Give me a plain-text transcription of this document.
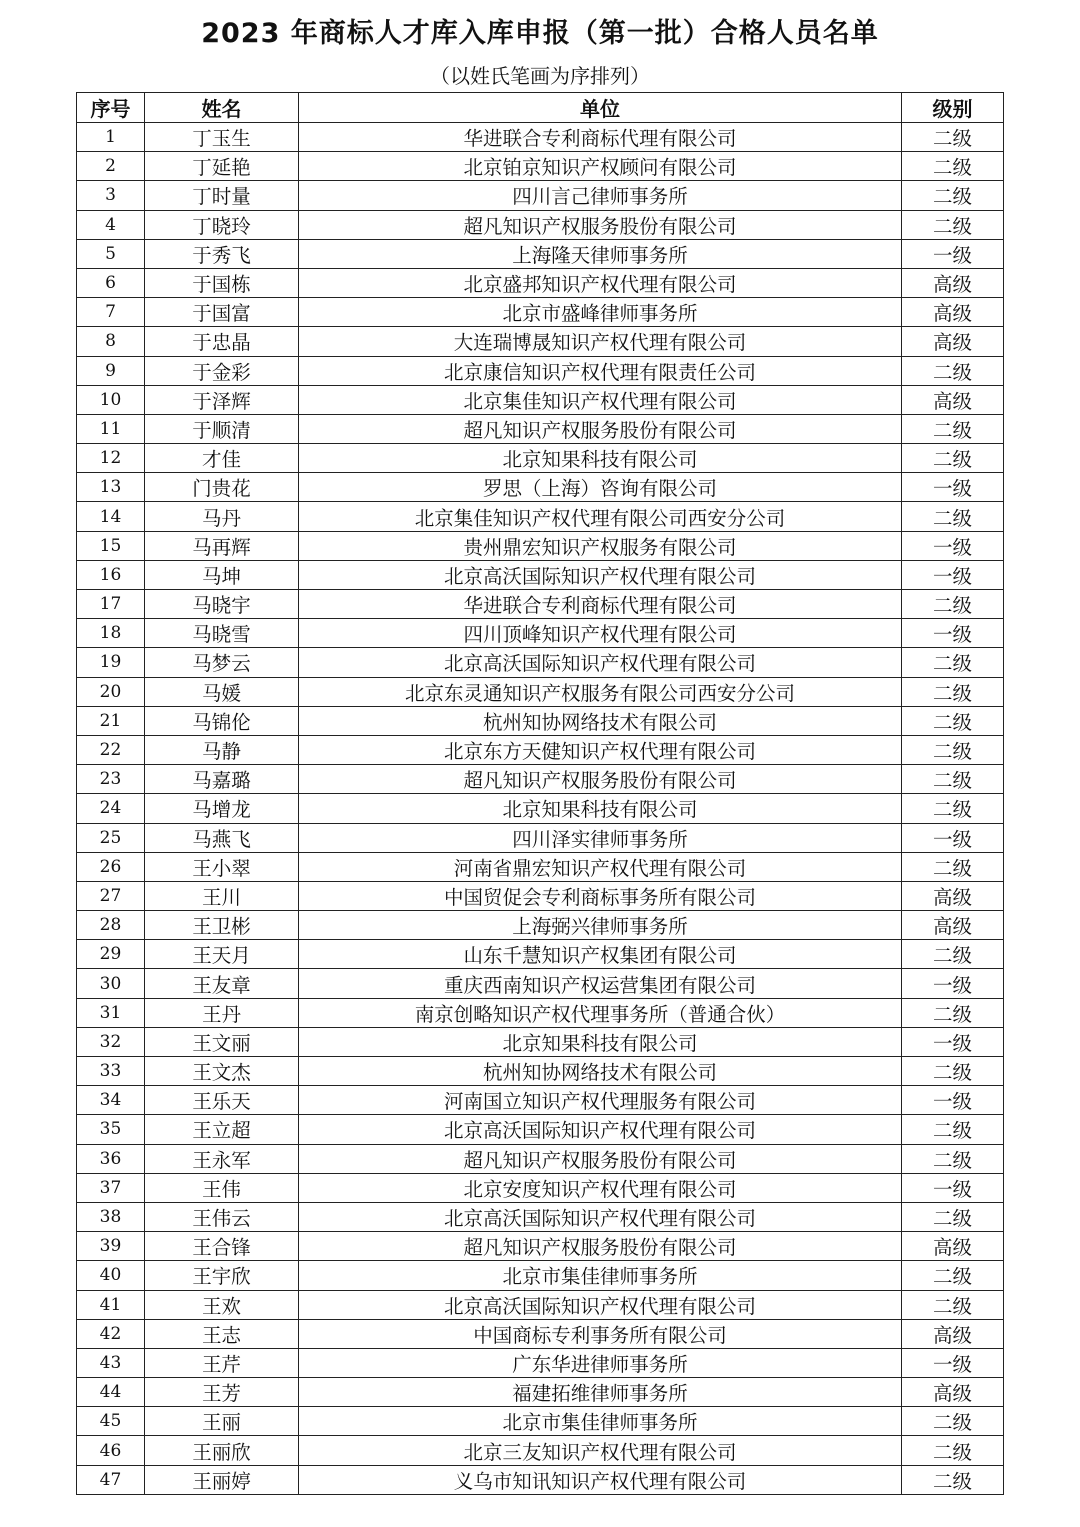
2023 年商标人才库入库申报（第一批）合格人员名单
（以姓氏笔画为序排列）
序号	姓名	单位	级别
1	丁玉生	华进联合专利商标代理有限公司	二级
2	丁延艳	北京铂京知识产权顾问有限公司	二级
3	丁时量	四川言己律师事务所	二级
4	丁晓玲	超凡知识产权服务股份有限公司	二级
5	于秀飞	上海隆天律师事务所	一级
6	于国栋	北京盛邦知识产权代理有限公司	高级
7	于国富	北京市盛峰律师事务所	高级
8	于忠晶	大连瑞博晟知识产权代理有限公司	高级
9	于金彩	北京康信知识产权代理有限责任公司	二级
10	于泽辉	北京集佳知识产权代理有限公司	高级
11	于顺清	超凡知识产权服务股份有限公司	二级
12	才佳	北京知果科技有限公司	二级
13	门贵花	罗思（上海）咨询有限公司	一级
14	马丹	北京集佳知识产权代理有限公司西安分公司	二级
15	马再辉	贵州鼎宏知识产权服务有限公司	一级
16	马坤	北京高沃国际知识产权代理有限公司	一级
17	马晓宇	华进联合专利商标代理有限公司	二级
18	马晓雪	四川顶峰知识产权代理有限公司	一级
19	马梦云	北京高沃国际知识产权代理有限公司	二级
20	马媛	北京东灵通知识产权服务有限公司西安分公司	二级
21	马锦伦	杭州知协网络技术有限公司	二级
22	马静	北京东方天健知识产权代理有限公司	二级
23	马嘉璐	超凡知识产权服务股份有限公司	二级
24	马增龙	北京知果科技有限公司	二级
25	马燕飞	四川泽实律师事务所	一级
26	王小翠	河南省鼎宏知识产权代理有限公司	二级
27	王川	中国贸促会专利商标事务所有限公司	高级
28	王卫彬	上海弼兴律师事务所	高级
29	王天月	山东千慧知识产权集团有限公司	二级
30	王友章	重庆西南知识产权运营集团有限公司	一级
31	王丹	南京创略知识产权代理事务所（普通合伙）	二级
32	王文丽	北京知果科技有限公司	一级
33	王文杰	杭州知协网络技术有限公司	二级
34	王乐天	河南国立知识产权代理服务有限公司	一级
35	王立超	北京高沃国际知识产权代理有限公司	二级
36	王永军	超凡知识产权服务股份有限公司	二级
37	王伟	北京安度知识产权代理有限公司	一级
38	王伟云	北京高沃国际知识产权代理有限公司	二级
39	王合锋	超凡知识产权服务股份有限公司	高级
40	王宇欣	北京市集佳律师事务所	二级
41	王欢	北京高沃国际知识产权代理有限公司	二级
42	王志	中国商标专利事务所有限公司	高级
43	王芹	广东华进律师事务所	一级
44	王芳	福建拓维律师事务所	高级
45	王丽	北京市集佳律师事务所	二级
46	王丽欣	北京三友知识产权代理有限公司	二级
47	王丽婷	义乌市知讯知识产权代理有限公司	二级
